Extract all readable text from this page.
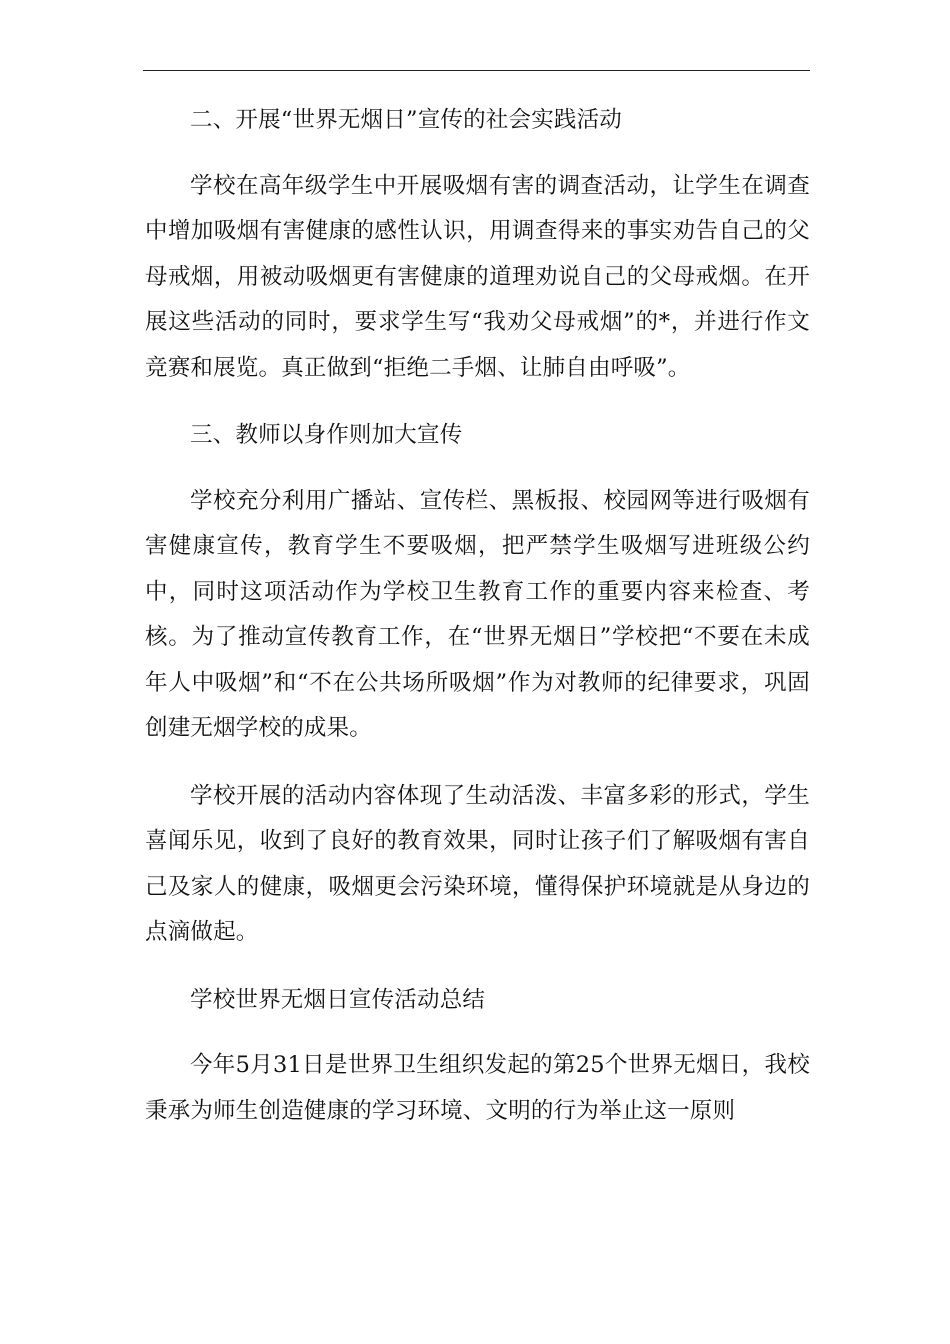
二、开展“世界无烟日”宣传的社会实践活动

学校在高年级学生中开展吸烟有害的调查活动，让学生在调查中增加吸烟有害健康的感性认识，用调查得来的事实劝告自己的父母戒烟，用被动吸烟更有害健康的道理劝说自己的父母戒烟。在开展这些活动的同时，要求学生写“我劝父母戒烟”的*，并进行作文竞赛和展览。真正做到“拒绝二手烟、让肺自由呼吸”。

三、教师以身作则加大宣传

学校充分利用广播站、宣传栏、黑板报、校园网等进行吸烟有害健康宣传，教育学生不要吸烟，把严禁学生吸烟写进班级公约中，同时这项活动作为学校卫生教育工作的重要内容来检查、考核。为了推动宣传教育工作，在“世界无烟日”学校把“不要在未成年人中吸烟”和“不在公共场所吸烟”作为对教师的纪律要求，巩固创建无烟学校的成果。

学校开展的活动内容体现了生动活泼、丰富多彩的形式，学生喜闻乐见，收到了良好的教育效果，同时让孩子们了解吸烟有害自己及家人的健康，吸烟更会污染环境，懂得保护环境就是从身边的点滴做起。

学校世界无烟日宣传活动总结

今年5月31日是世界卫生组织发起的第25个世界无烟日，我校秉承为师生创造健康的学习环境、文明的行为举止这一原则
